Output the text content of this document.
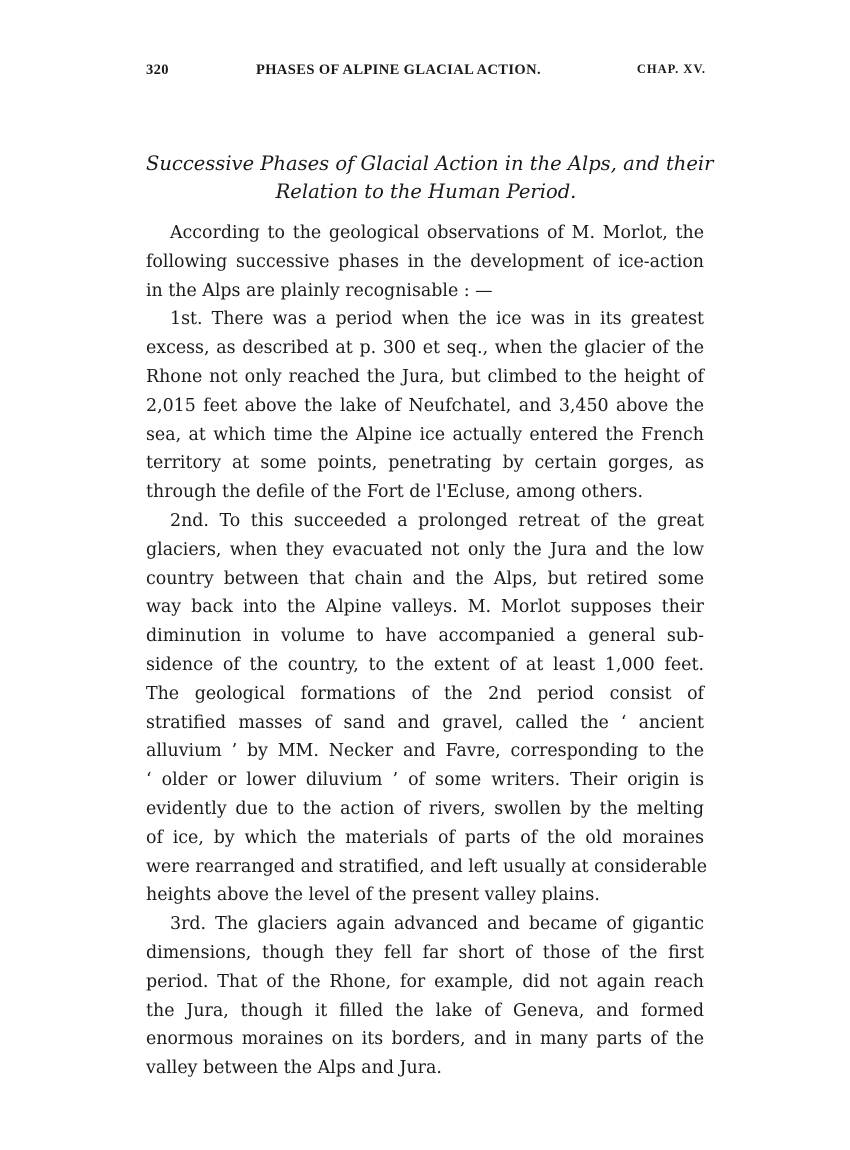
320	PHASES OF ALPINE GLACIAL ACTION.	CHAP. XV.
Successive Phases of Glacial Action in the Alps, and their
Relation to the Human Period.
According to the geological observations of M. Morlot, the
following successive phases in the development of ice-action
in the Alps are plainly recognisable : —
1st. There was a period when the ice was in its greatest
excess, as described at p. 300 et seq., when the glacier of the
Rhone not only reached the Jura, but climbed to the height of
2,015 feet above the lake of Neufchatel, and 3,450 above the
sea, at which time the Alpine ice actually entered the French
territory at some points, penetrating by certain gorges, as
through the defile of the Fort de l'Ecluse, among others.
2nd. To this succeeded a prolonged retreat of the great
glaciers, when they evacuated not only the Jura and the low
country between that chain and the Alps, but retired some
way back into the Alpine valleys. M. Morlot supposes their
diminution in volume to have accompanied a general sub-
sidence of the country, to the extent of at least 1,000 feet.
The geological formations of the 2nd period consist of
stratified masses of sand and gravel, called the ‘ ancient
alluvium ’ by MM. Necker and Favre, corresponding to the
‘ older or lower diluvium ’ of some writers. Their origin is
evidently due to the action of rivers, swollen by the melting
of ice, by which the materials of parts of the old moraines
were rearranged and stratified, and left usually at considerable
heights above the level of the present valley plains.
3rd. The glaciers again advanced and became of gigantic
dimensions, though they fell far short of those of the first
period. That of the Rhone, for example, did not again reach
the Jura, though it filled the lake of Geneva, and formed
enormous moraines on its borders, and in many parts of the
valley between the Alps and Jura.
